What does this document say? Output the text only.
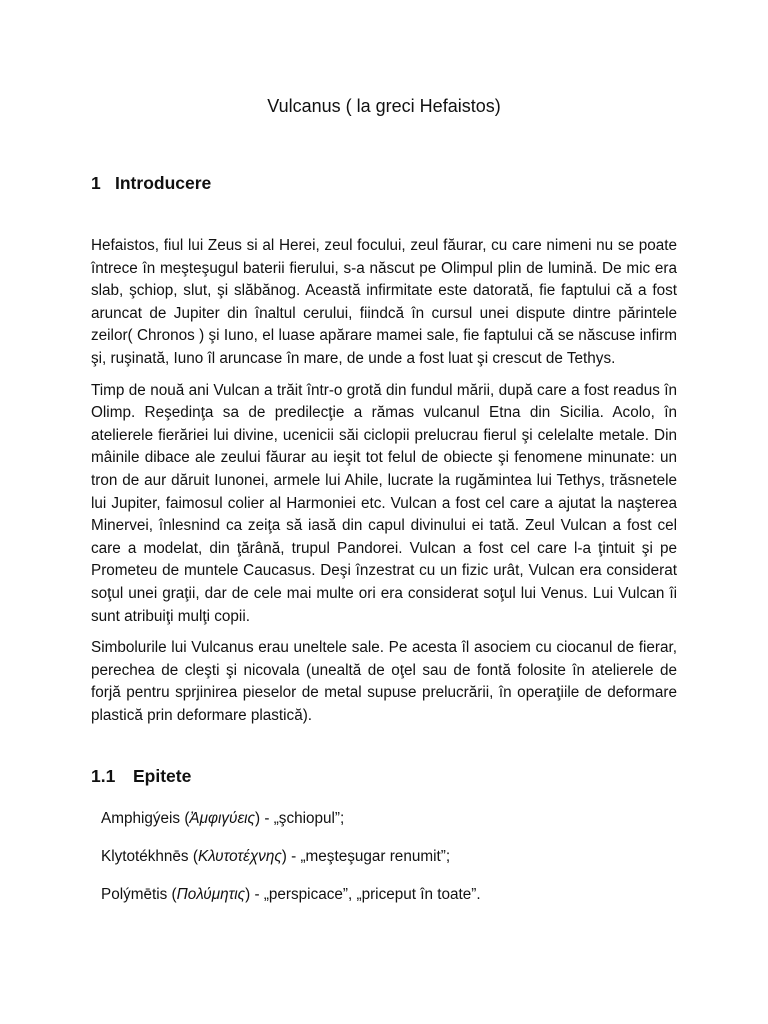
Vulcanus ( la greci Hefaistos)
1 Introducere

Hefaistos, fiul lui Zeus si al Herei, zeul focului, zeul făurar, cu care nimeni nu se poate întrece în meşteşugul baterii fierului, s-a născut pe Olimpul plin de lumină. De mic era slab, şchiop, slut, şi slăbănog. Această infirmitate este datorată, fie faptului că a fost aruncat de Jupiter din înaltul cerului, fiindcă în cursul unei dispute dintre părintele zeilor( Chronos ) şi Iuno, el luase apărare mamei sale, fie faptului că se născuse infirm şi, ruşinată, Iuno îl aruncase în mare, de unde a fost luat şi crescut de Tethys.

Timp de nouă ani Vulcan a trăit într-o grotă din fundul mării, după care a fost readus în Olimp. Reşedinţa sa de predilecţie a rămas vulcanul Etna din Sicilia. Acolo, în atelierele fierăriei lui divine, ucenicii săi ciclopii prelucrau fierul şi celelalte metale. Din mâinile dibace ale zeului făurar au ieşit tot felul de obiecte şi fenomene minunate: un tron de aur dăruit Iunonei, armele lui Ahile, lucrate la rugămintea lui Tethys, trăsnetele lui Jupiter, faimosul colier al Harmoniei etc. Vulcan a fost cel care a ajutat la naşterea Minervei, înlesnind ca zeiţa să iasă din capul divinului ei tată. Zeul Vulcan a fost cel care a modelat, din ţărână, trupul Pandorei. Vulcan a fost cel care l-a ţintuit şi pe Prometeu de muntele Caucasus. Deşi înzestrat cu un fizic urât, Vulcan era considerat soţul unei graţii, dar de cele mai multe ori era considerat soţul lui Venus. Lui Vulcan îi sunt atribuiţi mulţi copii.

Simbolurile lui Vulcanus erau uneltele sale. Pe acesta îl asociem cu ciocanul de fierar, perechea de cleşti şi nicovala (unealtă de oţel sau de fontă folosite în atelierele de forjă pentru sprjinirea pieselor de metal supuse prelucrării, în operaţiile de deformare plastică prin deformare plastică).

1.1 Epitete
Amphigýeis (Ἀμφιγύεις) - „şchiopul”;
Klytotékhnēs (Κλυτοτέχνης) - „meşteşugar renumit”;
Polýmētis (Πολύμητις) - „perspicace”, „priceput în toate”.
